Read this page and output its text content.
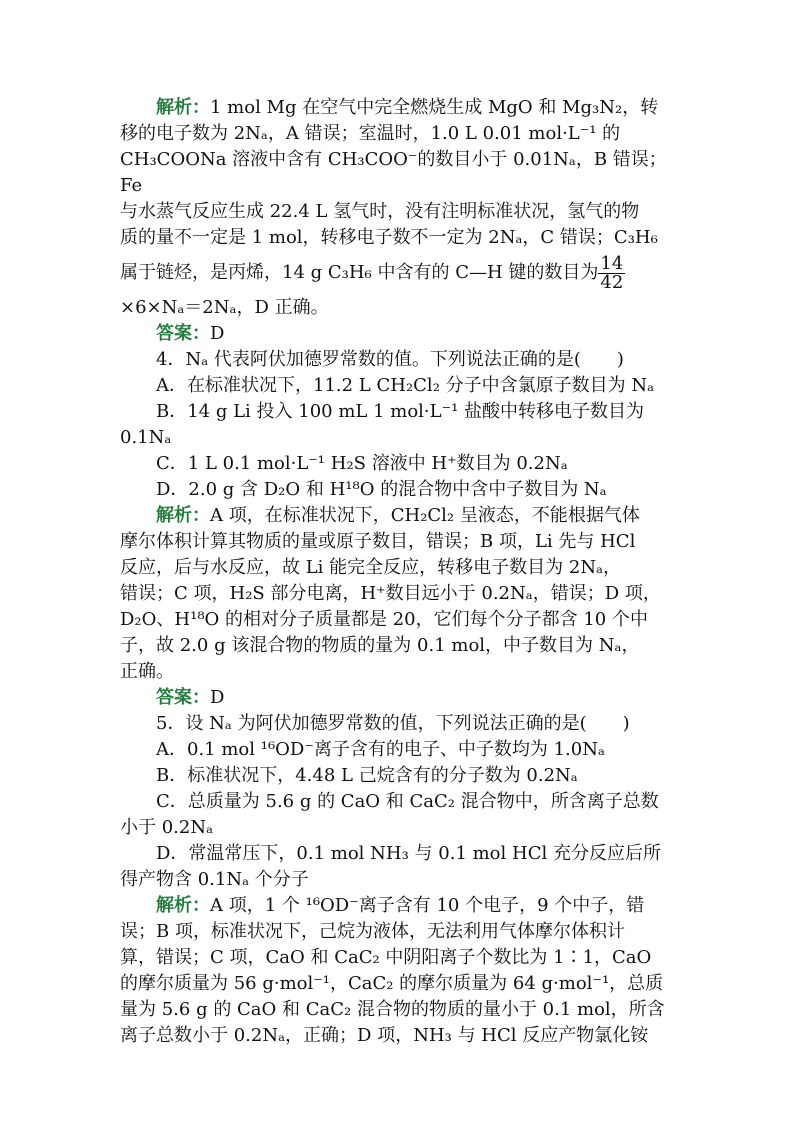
解析：1 mol Mg 在空气中完全燃烧生成 MgO 和 Mg₃N₂，转

移的电子数为 2Nₐ，A 错误；室温时，1.0 L 0.01 mol·L⁻¹ 的

CH₃COONa 溶液中含有 CH₃COO⁻的数目小于 0.01Nₐ，B 错误；Fe

与水蒸气反应生成 22.4 L 氢气时，没有注明标准状况，氢气的物

质的量不一定是 1 mol，转移电子数不一定为 2Nₐ，C 错误；C₃H₆

属于链烃，是丙烯，14 g C₃H₆ 中含有的 C—H 键的数目为 $\frac{14}{42}$

×6×Nₐ＝2Nₐ，D 正确。

答案：D

4．Nₐ 代表阿伏加德罗常数的值。下列说法正确的是(　　)

A．在标准状况下，11.2 L CH₂Cl₂ 分子中含氯原子数目为 Nₐ

B．14 g Li 投入 100 mL 1 mol·L⁻¹ 盐酸中转移电子数目为

0.1Nₐ

C．1 L 0.1 mol·L⁻¹ H₂S 溶液中 H⁺数目为 0.2Nₐ

D．2.0 g 含 D₂O 和 H¹⁸O 的混合物中含中子数目为 Nₐ

解析：A 项，在标准状况下，CH₂Cl₂ 呈液态，不能根据气体

摩尔体积计算其物质的量或原子数目，错误；B 项，Li 先与 HCl

反应，后与水反应，故 Li 能完全反应，转移电子数目为 2Nₐ，

错误；C 项，H₂S 部分电离，H⁺数目远小于 0.2Nₐ，错误；D 项，

D₂O、H¹⁸O 的相对分子质量都是 20，它们每个分子都含 10 个中

子，故 2.0 g 该混合物的物质的量为 0.1 mol，中子数目为 Nₐ，

正确。

答案：D

5．设 Nₐ 为阿伏加德罗常数的值，下列说法正确的是(　　)

A．0.1 mol ¹⁶OD⁻离子含有的电子、中子数均为 1.0Nₐ

B．标准状况下，4.48 L 己烷含有的分子数为 0.2Nₐ

C．总质量为 5.6 g 的 CaO 和 CaC₂ 混合物中，所含离子总数

小于 0.2Nₐ

D．常温常压下，0.1 mol NH₃ 与 0.1 mol HCl 充分反应后所

得产物含 0.1Nₐ 个分子

解析：A 项，1 个 ¹⁶OD⁻离子含有 10 个电子，9 个中子，错

误；B 项，标准状况下，己烷为液体，无法利用气体摩尔体积计

算，错误；C 项，CaO 和 CaC₂ 中阴阳离子个数比为 1∶1，CaO

的摩尔质量为 56 g·mol⁻¹，CaC₂ 的摩尔质量为 64 g·mol⁻¹，总质

量为 5.6 g 的 CaO 和 CaC₂ 混合物的物质的量小于 0.1 mol，所含

离子总数小于 0.2Nₐ，正确；D 项，NH₃ 与 HCl 反应产物氯化铵
